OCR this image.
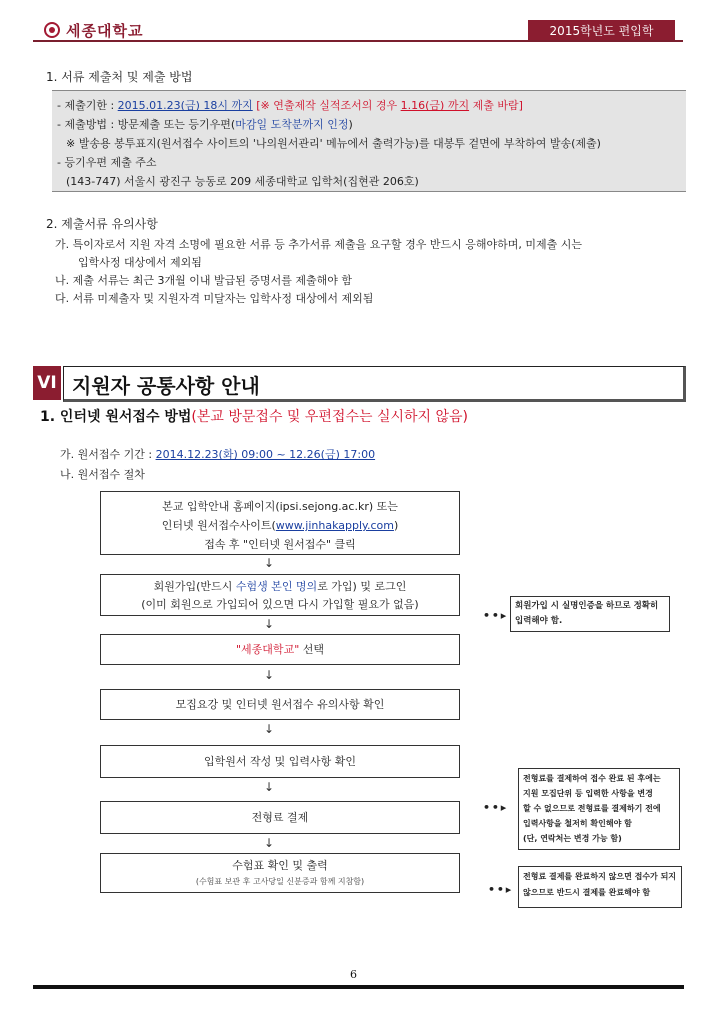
세종대학교	2015학년도 편입학
1. 서류 제출처 및 제출 방법
- 제출기한 : 2015.01.23(금) 18시 까지 [※ 연출제작 실적조서의 경우 1.16(금) 까지 제출 바람]
- 제출방법 : 방문제출 또는 등기우편(마감일 도착분까지 인정)
※ 발송용 봉투표지(원서접수 사이트의 '나의원서관리' 메뉴에서 출력가능)를 대봉투 겉면에 부착하여 발송(제출)
- 등기우편 제출 주소
(143-747) 서울시 광진구 능동로 209 세종대학교 입학처(집현관 206호)
2. 제출서류 유의사항
가. 특이자로서 지원 자격 소명에 필요한 서류 등 추가서류 제출을 요구할 경우 반드시 응해야하며, 미제출 시는
입학사정 대상에서 제외됨
나. 제출 서류는 최근 3개월 이내 발급된 증명서를 제출해야 함
다. 서류 미제출자 및 지원자격 미달자는 입학사정 대상에서 제외됨
VI 지원자 공통사항 안내
1. 인터넷 원서접수 방법(본교 방문접수 및 우편접수는 실시하지 않음)
가. 원서접수 기간 : 2014.12.23(화) 09:00 ~ 12.26(금) 17:00
나. 원서접수 절차
본교 입학안내 홈페이지(ipsi.sejong.ac.kr) 또는
인터넷 원서접수사이트(www.jinhakapply.com)
접속 후 "인터넷 원서접수" 클릭
↓
회원가입(반드시 수험생 본인 명의로 가입) 및 로그인
(이미 회원으로 가입되어 있으면 다시 가입할 필요가 없음)
↓
"세종대학교" 선택
↓
모집요강 및 인터넷 원서접수 유의사항 확인
↓
입학원서 작성 및 입력사항 확인
↓
전형료 결제
↓
수험표 확인 및 출력
(수험표 보관 후 고사당일 신분증과 함께 지참함)
• • ▸
회원가입 시 실명인증을 하므로 정확히 입력해야 함.
• • ▸
전형료를 결제하여 접수 완료 된 후에는
지원 모집단위 등 입력한 사항을 변경
할 수 없으므로 전형료를 결제하기 전에
입력사항을 철저히 확인해야 함
(단, 연락처는 변경 가능 함)
• • ▸
전형료 결제를 완료하지 않으면 접수가 되지 않으므로 반드시 결제를 완료해야 함
6
